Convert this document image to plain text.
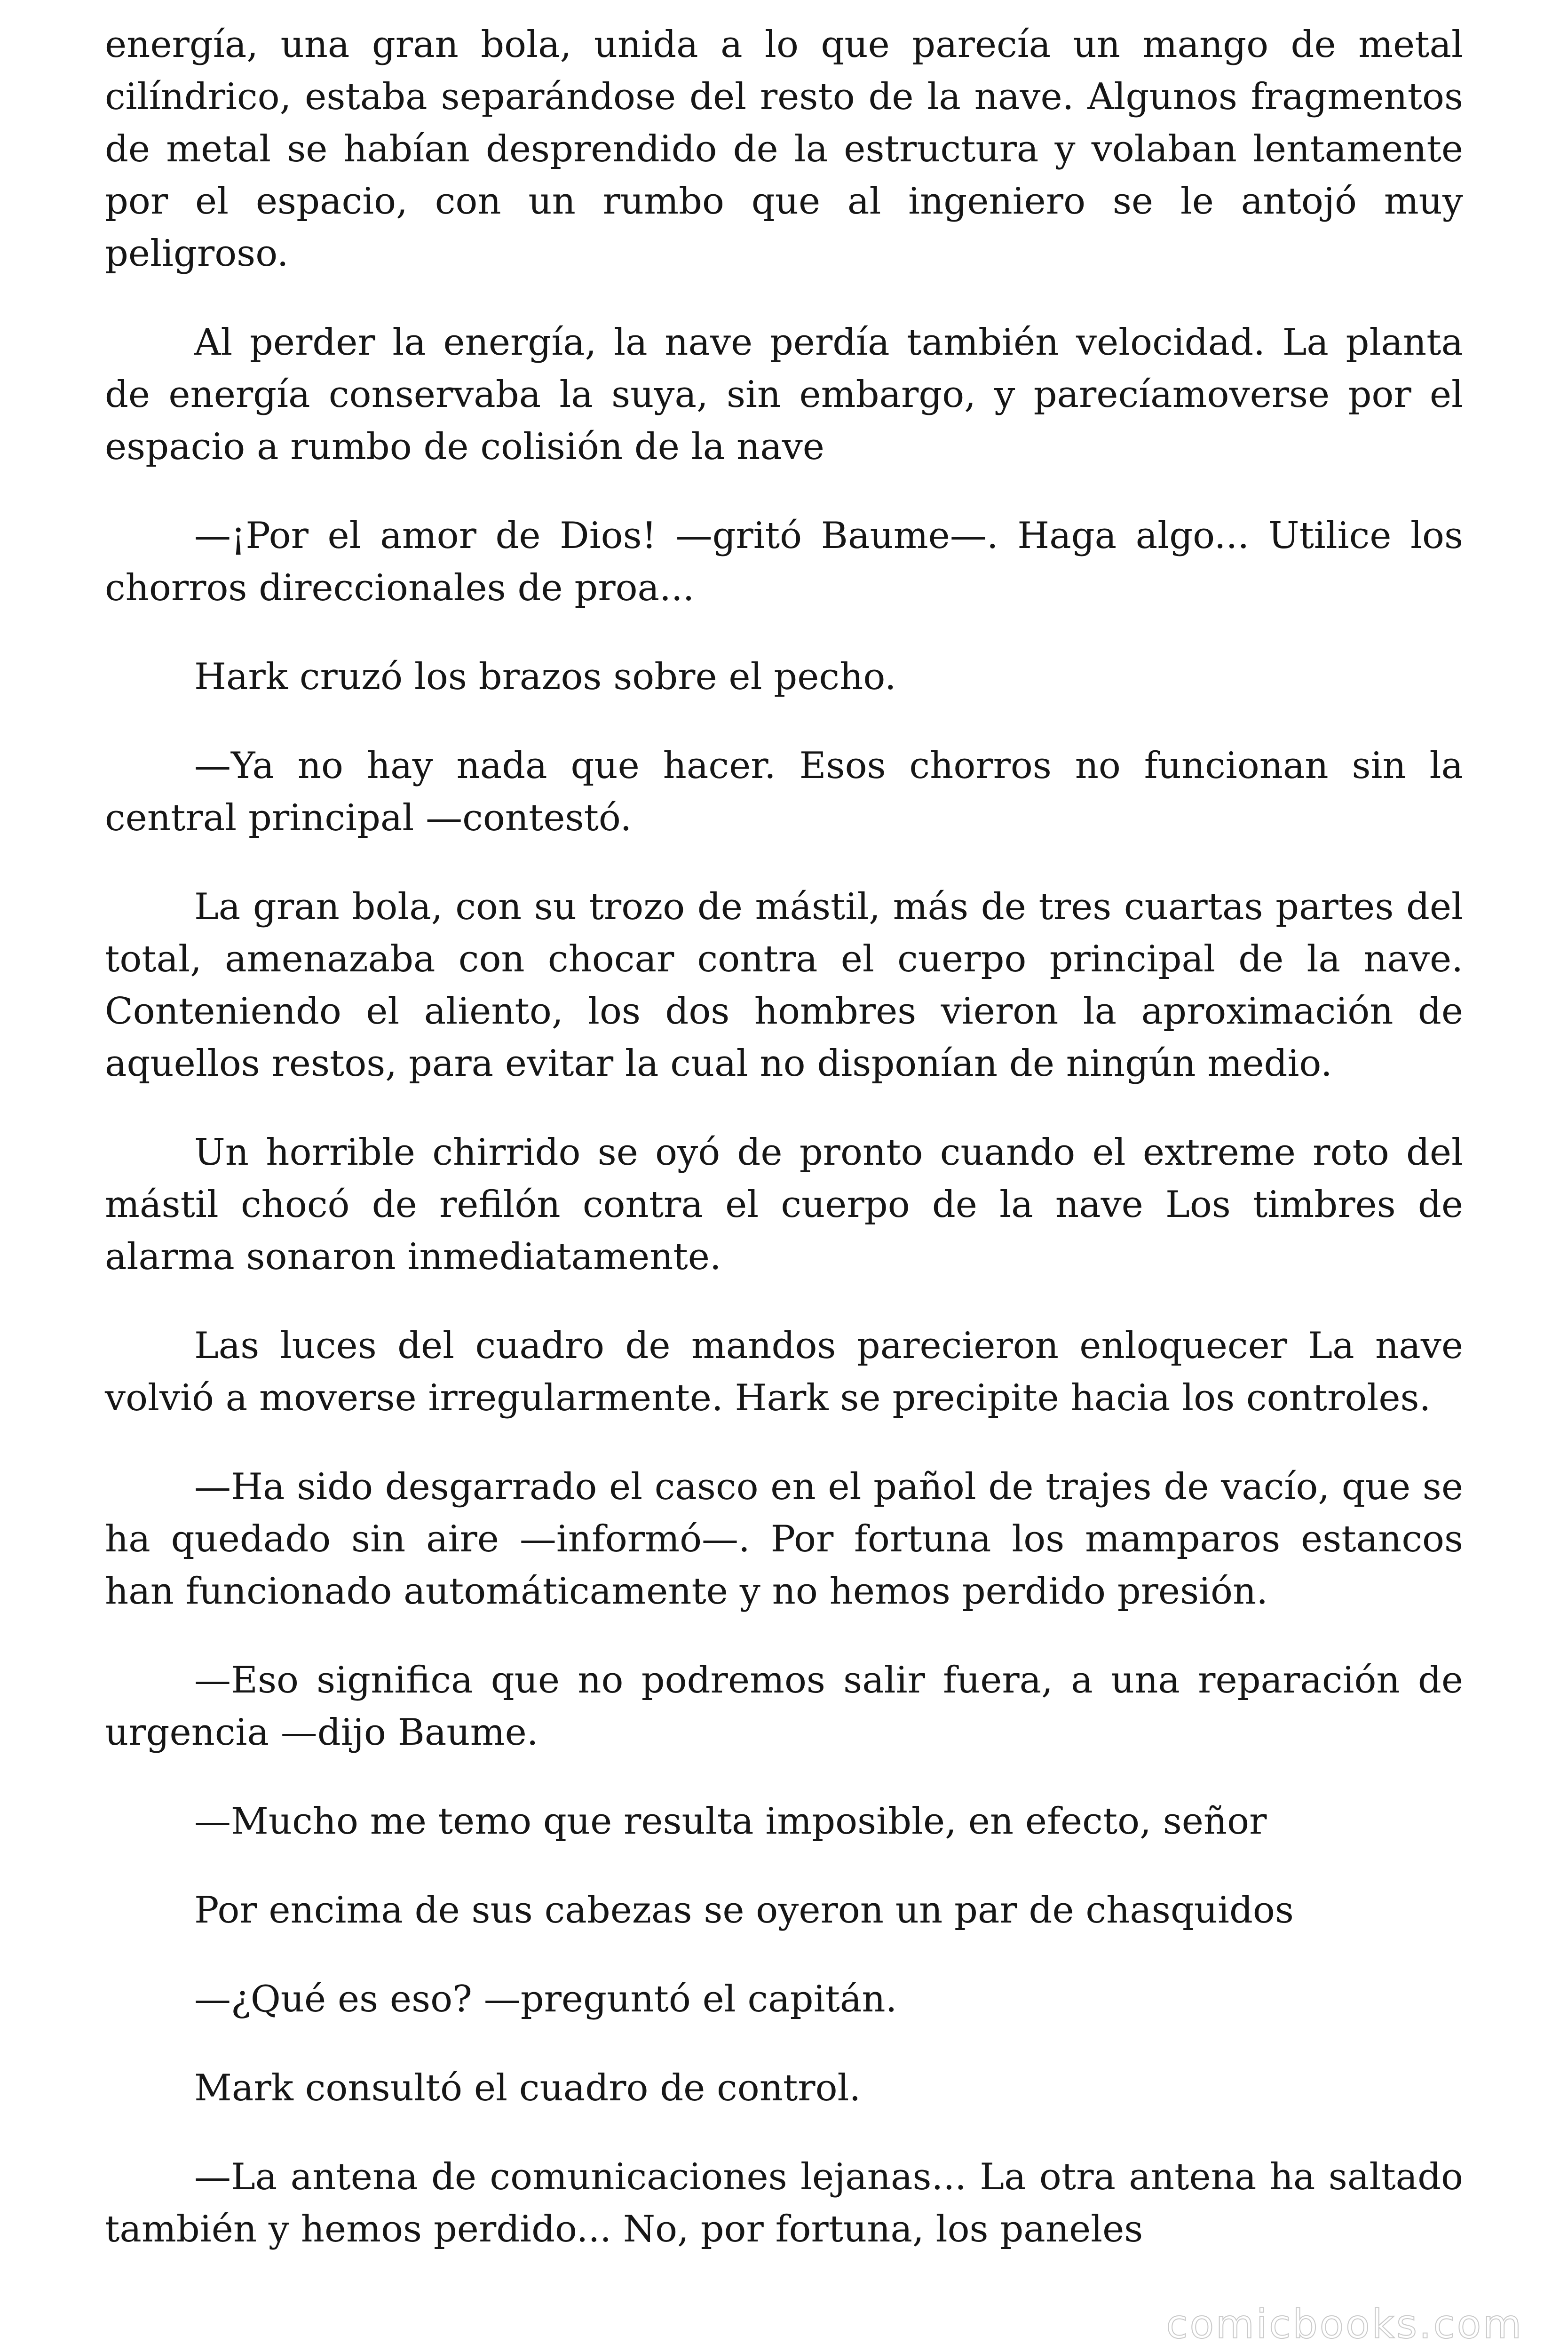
energía, una gran bola, unida a lo que parecía un mango de metal cilíndrico, estaba separándose del resto de la nave. Algunos fragmentos de metal se habían desprendido de la estructura y volaban lentamente por el espacio, con un rumbo que al ingeniero se le antojó muy peligroso.

Al perder la energía, la nave perdía también velocidad. La planta de energía conservaba la suya, sin embargo, y parecíamoverse por el espacio a rumbo de colisión de la nave

—¡Por el amor de Dios! —gritó Baume—. Haga algo... Utilice los chorros direccionales de proa...

Hark cruzó los brazos sobre el pecho.

—Ya no hay nada que hacer. Esos chorros no funcionan sin la central principal —contestó.

La gran bola, con su trozo de mástil, más de tres cuartas partes del total, amenazaba con chocar contra el cuerpo principal de la nave. Conteniendo el aliento, los dos hombres vieron la aproximación de aquellos restos, para evitar la cual no disponían de ningún medio.

Un horrible chirrido se oyó de pronto cuando el extreme roto del mástil chocó de refilón contra el cuerpo de la nave Los timbres de alarma sonaron inmediatamente.

Las luces del cuadro de mandos parecieron enloquecer La nave volvió a moverse irregularmente. Hark se precipite hacia los controles.

—Ha sido desgarrado el casco en el pañol de trajes de vacío, que se ha quedado sin aire —informó—. Por fortuna los mamparos estancos han funcionado automáticamente y no hemos perdido presión.

—Eso significa que no podremos salir fuera, a una reparación de urgencia —dijo Baume.

—Mucho me temo que resulta imposible, en efecto, señor

Por encima de sus cabezas se oyeron un par de chasquidos

—¿Qué es eso? —preguntó el capitán.

Mark consultó el cuadro de control.

—La antena de comunicaciones lejanas... La otra antena ha saltado también y hemos perdido... No, por fortuna, los paneles

comicbooks.com
